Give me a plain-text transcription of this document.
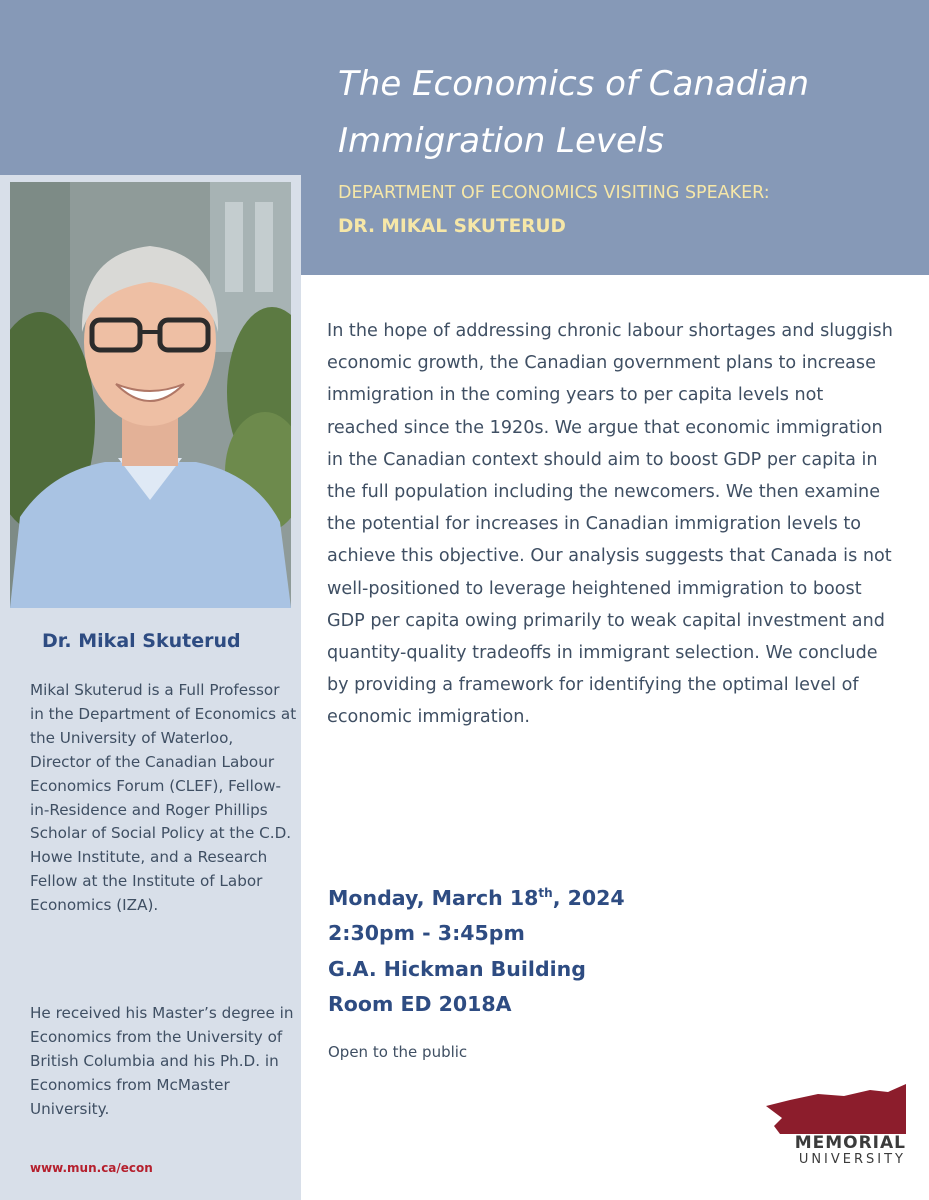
The Economics of Canadian Immigration Levels
DEPARTMENT OF ECONOMICS VISITING SPEAKER:
DR. MIKAL SKUTERUD

In the hope of addressing chronic labour shortages and sluggish economic growth, the Canadian government plans to increase immigration in the coming years to per capita levels not reached since the 1920s. We argue that economic immigration in the Canadian context should aim to boost GDP per capita in the full population including the newcomers. We then examine the potential for increases in Canadian immigration levels to achieve this objective. Our analysis suggests that Canada is not well-positioned to leverage heightened immigration to boost GDP per capita owing primarily to weak capital investment and quantity-quality tradeoffs in immigrant selection. We conclude by providing a framework for identifying the optimal level of economic immigration.

Monday, March 18th, 2024
2:30pm - 3:45pm
G.A. Hickman Building
Room ED 2018A
Open to the public
Dr. Mikal Skuterud

Mikal Skuterud is a Full Professor in the Department of Economics at the University of Waterloo, Director of the Canadian Labour Economics Forum (CLEF), Fellow-in-Residence and Roger Phillips Scholar of Social Policy at the C.D. Howe Institute, and a Research Fellow at the Institute of Labor Economics (IZA).

He received his Master’s degree in Economics from the University of British Columbia and his Ph.D. in Economics from McMaster University.

www.mun.ca/econ
MEMORIAL
UNIVERSITY
